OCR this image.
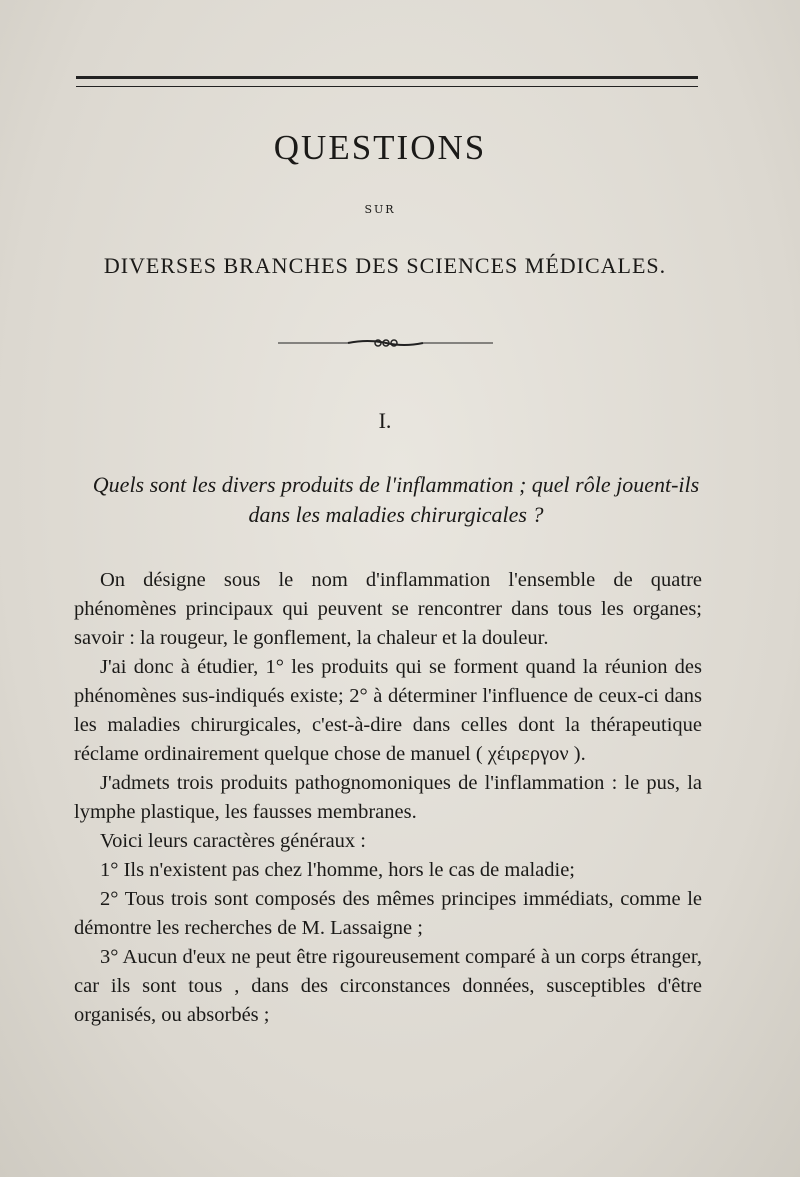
QUESTIONS
SUR
DIVERSES BRANCHES DES SCIENCES MÉDICALES.
I.
Quels sont les divers produits de l'inflammation ; quel rôle jouent-ils dans les maladies chirurgicales ?

On désigne sous le nom d'inflammation l'ensemble de quatre phénomènes principaux qui peuvent se rencontrer dans tous les organes; savoir : la rougeur, le gonflement, la chaleur et la douleur.

J'ai donc à étudier, 1° les produits qui se forment quand la réunion des phénomènes sus-indiqués existe; 2° à déterminer l'influence de ceux-ci dans les maladies chirurgicales, c'est-à-dire dans celles dont la thérapeutique réclame ordinairement quelque chose de manuel ( χέιρεργον ).

J'admets trois produits pathognomoniques de l'inflammation : le pus, la lymphe plastique, les fausses membranes.

Voici leurs caractères généraux :

1° Ils n'existent pas chez l'homme, hors le cas de maladie;

2° Tous trois sont composés des mêmes principes immédiats, comme le démontre les recherches de M. Lassaigne ;

3° Aucun d'eux ne peut être rigoureusement comparé à un corps étranger, car ils sont tous , dans des circonstances données, susceptibles d'être organisés, ou absorbés ;
